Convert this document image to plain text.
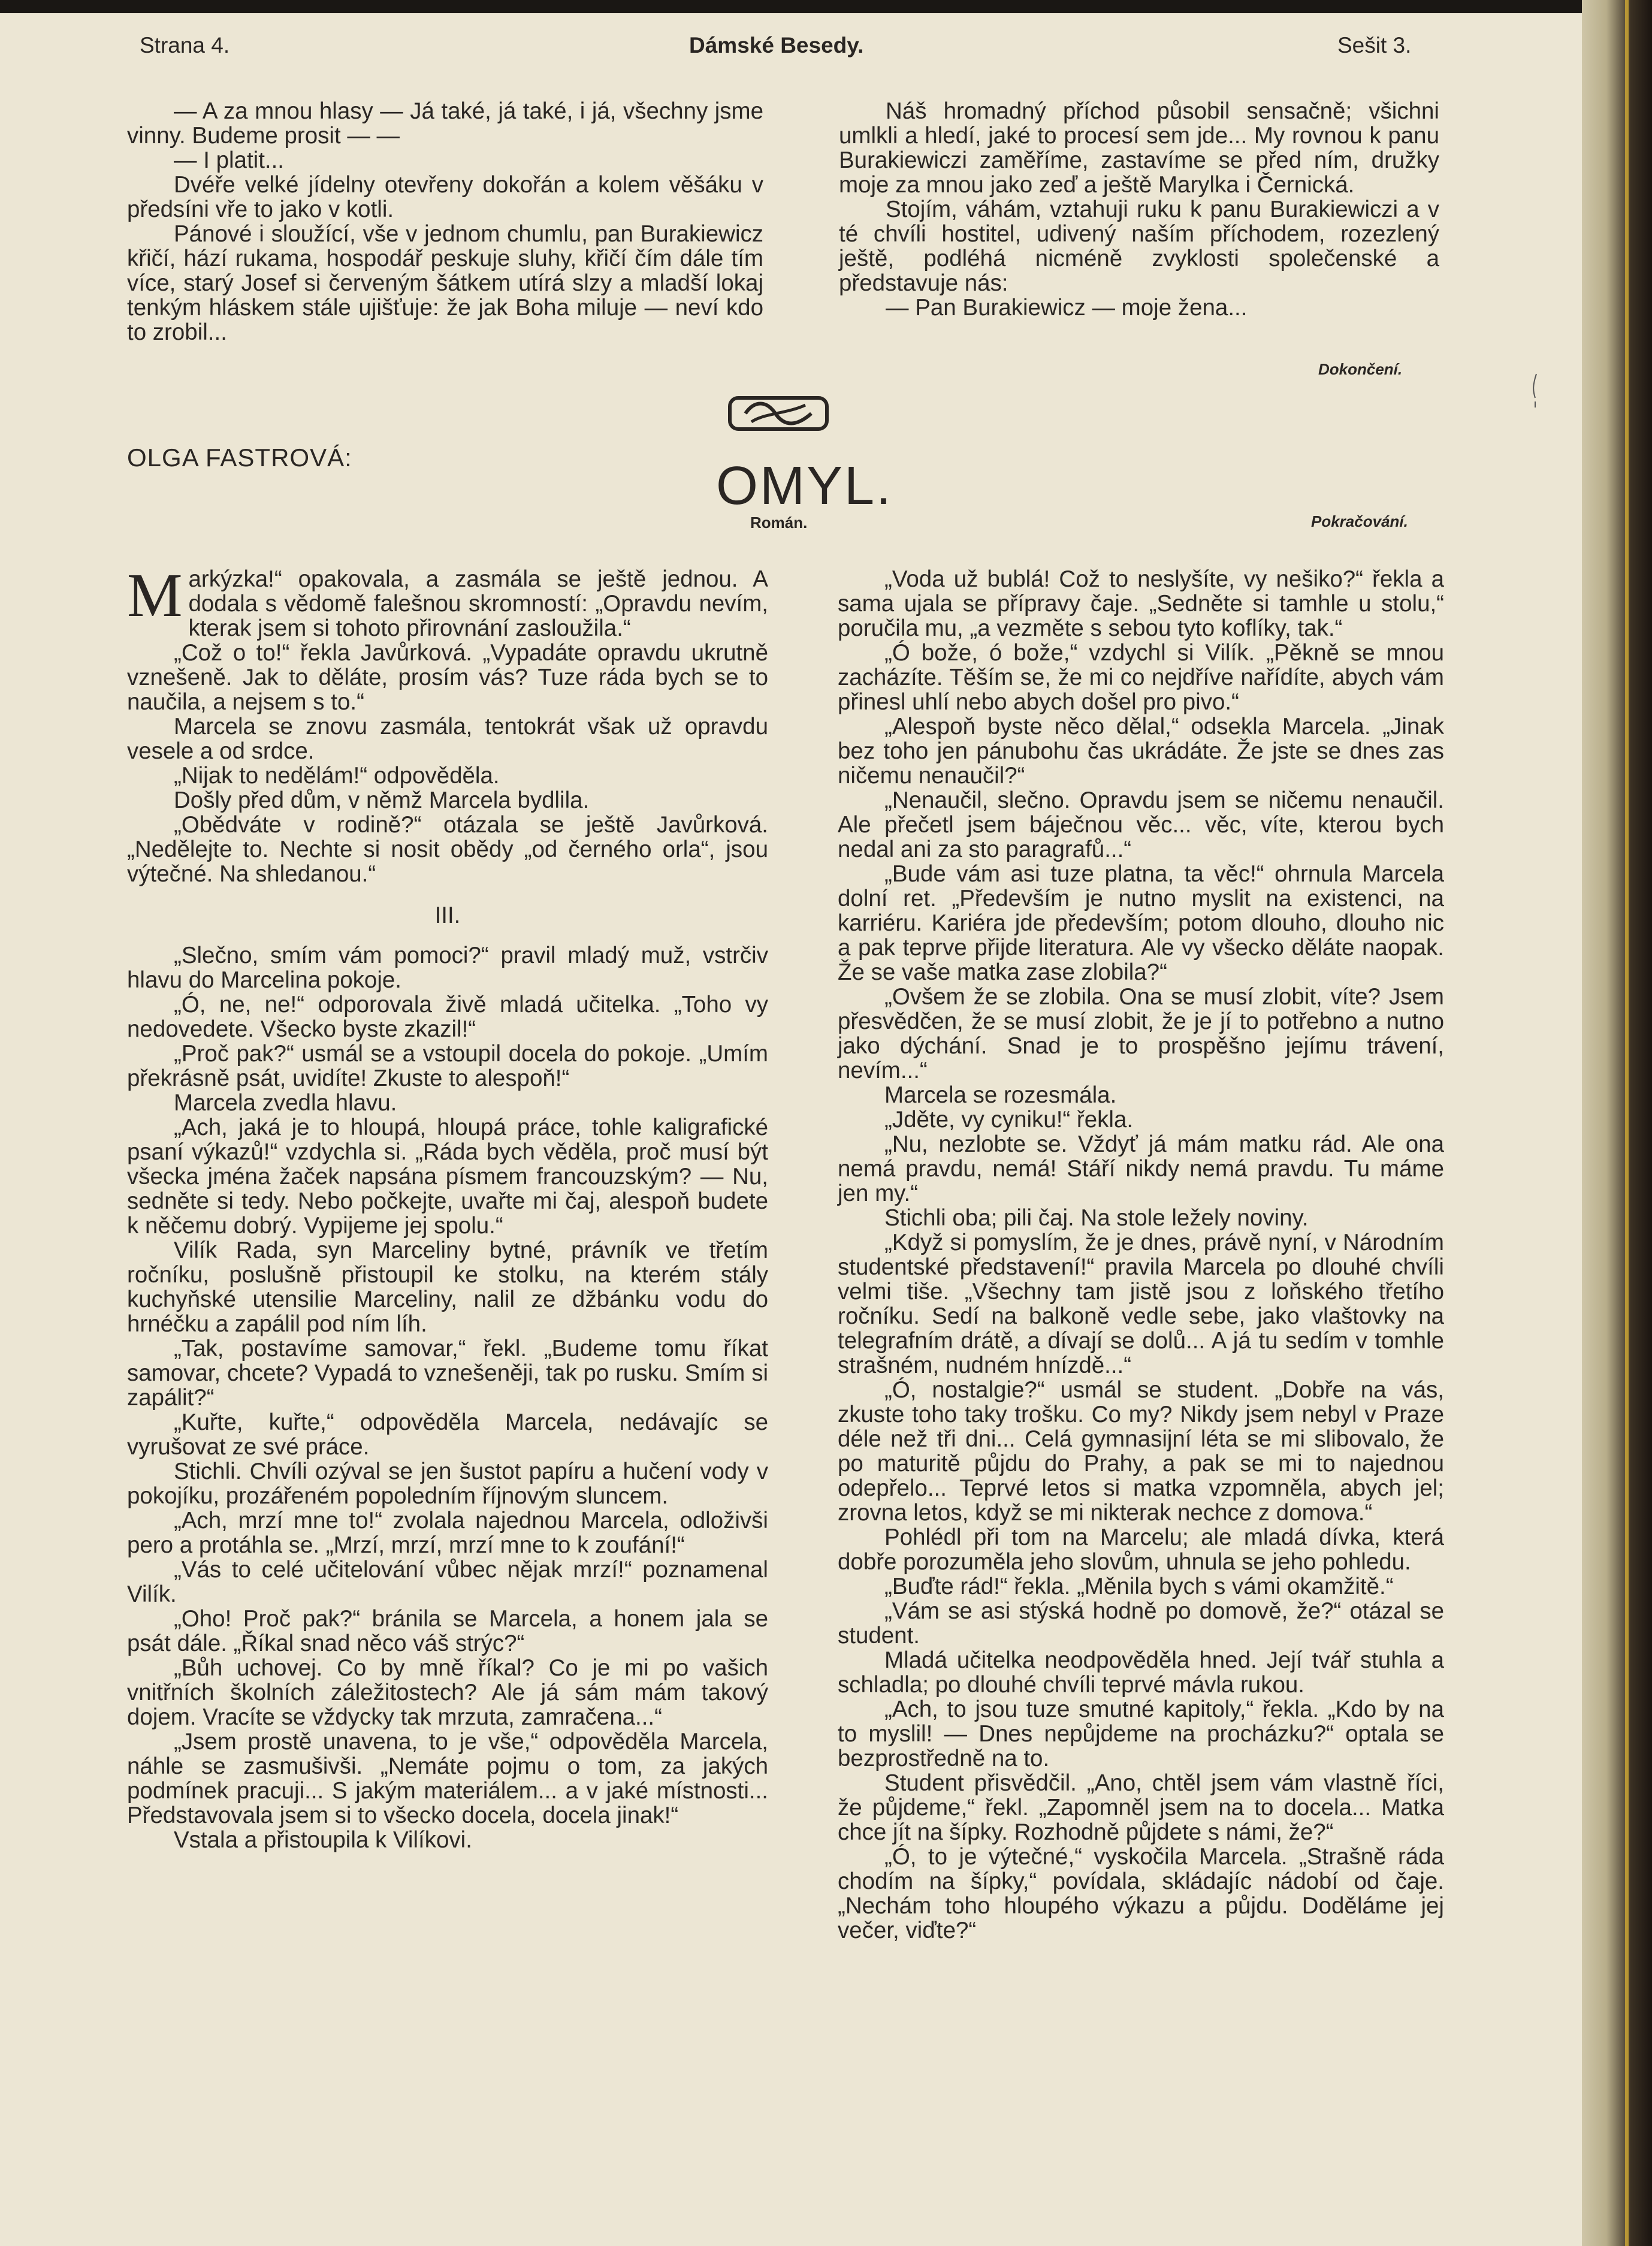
Strana 4.	Dámské Besedy.	Sešit 3.

— A za mnou hlasy — Já také, já také, i já, všechny jsme vinny. Budeme prosit — —

— I platit...

Dvéře velké jídelny otevřeny dokořán a kolem věšáku v předsíni vře to jako v kotli.

Pánové i sloužící, vše v jednom chumlu, pan Burakiewicz křičí, hází rukama, hospodář peskuje sluhy, křičí čím dále tím více, starý Josef si červeným šátkem utírá slzy a mladší lokaj tenkým hláskem stále ujišťuje: že jak Boha miluje — neví kdo to zrobil...

Náš hromadný příchod působil sensačně; všichni umlkli a hledí, jaké to procesí sem jde... My rovnou k panu Burakiewiczi zaměříme, zastavíme se před ním, družky moje za mnou jako zeď a ještě Marylka i Černická.

Stojím, váhám, vztahuji ruku k panu Burakiewiczi a v té chvíli hostitel, udivený naším příchodem, rozezlený ještě, podléhá nicméně zvyklosti společenské a představuje nás:

— Pan Burakiewicz — moje žena...

Dokončení.
OLGA FASTROVÁ:	OMYL.
Román.	Pokračování.

Markýzka!“ opakovala, a zasmála se ještě jednou. A dodala s vědomě falešnou skromností: „Opravdu nevím, kterak jsem si tohoto přirovnání zasloužila.“

„Což o to!“ řekla Javůrková. „Vypadáte opravdu ukrutně vznešeně. Jak to děláte, prosím vás? Tuze ráda bych se to naučila, a nejsem s to.“

Marcela se znovu zasmála, tentokrát však už opravdu vesele a od srdce.

„Nijak to nedělám!“ odpověděla.

Došly před dům, v němž Marcela bydlila.

„Obědváte v rodině?“ otázala se ještě Javůrková. „Nedělejte to. Nechte si nosit obědy „od černého orla“, jsou výtečné. Na shledanou.“

III.

„Slečno, smím vám pomoci?“ pravil mladý muž, vstrčiv hlavu do Marcelina pokoje.

„Ó, ne, ne!“ odporovala živě mladá učitelka. „Toho vy nedovedete. Všecko byste zkazil!“

„Proč pak?“ usmál se a vstoupil docela do pokoje. „Umím překrásně psát, uvidíte! Zkuste to alespoň!“

Marcela zvedla hlavu.

„Ach, jaká je to hloupá, hloupá práce, tohle kaligrafické psaní výkazů!“ vzdychla si. „Ráda bych věděla, proč musí být všecka jména žaček napsána písmem francouzským? — Nu, sedněte si tedy. Nebo počkejte, uvařte mi čaj, alespoň budete k něčemu dobrý. Vypijeme jej spolu.“

Vilík Rada, syn Marceliny bytné, právník ve třetím ročníku, poslušně přistoupil ke stolku, na kterém stály kuchyňské utensilie Marceliny, nalil ze džbánku vodu do hrnéčku a zapálil pod ním líh.

„Tak, postavíme samovar,“ řekl. „Budeme tomu říkat samovar, chcete? Vypadá to vznešeněji, tak po rusku. Smím si zapálit?“

„Kuřte, kuřte,“ odpověděla Marcela, nedávajíc se vyrušovat ze své práce.

Stichli. Chvíli ozýval se jen šustot papíru a hučení vody v pokojíku, prozářeném popoledním říjnovým sluncem.

„Ach, mrzí mne to!“ zvolala najednou Marcela, odloživši pero a protáhla se. „Mrzí, mrzí, mrzí mne to k zoufání!“

„Vás to celé učitelování vůbec nějak mrzí!“ poznamenal Vilík.

„Oho! Proč pak?“ bránila se Marcela, a honem jala se psát dále. „Říkal snad něco váš strýc?“

„Bůh uchovej. Co by mně říkal? Co je mi po vašich vnitřních školních záležitostech? Ale já sám mám takový dojem. Vracíte se vždycky tak mrzuta, zamračena...“

„Jsem prostě unavena, to je vše,“ odpověděla Marcela, náhle se zasmušivši. „Nemáte pojmu o tom, za jakých podmínek pracuji... S jakým materiálem... a v jaké místnosti... Představovala jsem si to všecko docela, docela jinak!“

Vstala a přistoupila k Vilíkovi.

„Voda už bublá! Což to neslyšíte, vy nešiko?“ řekla a sama ujala se přípravy čaje. „Sedněte si tamhle u stolu,“ poručila mu, „a vezměte s sebou tyto koflíky, tak.“

„Ó bože, ó bože,“ vzdychl si Vilík. „Pěkně se mnou zacházíte. Těším se, že mi co nejdříve nařídíte, abych vám přinesl uhlí nebo abych došel pro pivo.“

„Alespoň byste něco dělal,“ odsekla Marcela. „Jinak bez toho jen pánubohu čas ukrádáte. Že jste se dnes zas ničemu nenaučil?“

„Nenaučil, slečno. Opravdu jsem se ničemu nenaučil. Ale přečetl jsem báječnou věc... věc, víte, kterou bych nedal ani za sto paragrafů...“

„Bude vám asi tuze platna, ta věc!“ ohrnula Marcela dolní ret. „Především je nutno myslit na existenci, na karriéru. Kariéra jde především; potom dlouho, dlouho nic a pak teprve přijde literatura. Ale vy všecko děláte naopak. Že se vaše matka zase zlobila?“

„Ovšem že se zlobila. Ona se musí zlobit, víte? Jsem přesvědčen, že se musí zlobit, že je jí to potřebno a nutno jako dýchání. Snad je to prospěšno jejímu trávení, nevím...“

Marcela se rozesmála.

„Jděte, vy cyniku!“ řekla.

„Nu, nezlobte se. Vždyť já mám matku rád. Ale ona nemá pravdu, nemá! Stáří nikdy nemá pravdu. Tu máme jen my.“

Stichli oba; pili čaj. Na stole ležely noviny.

„Když si pomyslím, že je dnes, právě nyní, v Národním studentské představení!“ pravila Marcela po dlouhé chvíli velmi tiše. „Všechny tam jistě jsou z loňského třetího ročníku. Sedí na balkoně vedle sebe, jako vlaštovky na telegrafním drátě, a dívají se dolů... A já tu sedím v tomhle strašném, nudném hnízdě...“

„Ó, nostalgie?“ usmál se student. „Dobře na vás, zkuste toho taky trošku. Co my? Nikdy jsem nebyl v Praze déle než tři dni... Celá gymnasijní léta se mi slibovalo, že po maturitě půjdu do Prahy, a pak se mi to najednou odepřelo... Teprvé letos si matka vzpomněla, abych jel; zrovna letos, když se mi nikterak nechce z domova.“

Pohlédl při tom na Marcelu; ale mladá dívka, která dobře porozuměla jeho slovům, uhnula se jeho pohledu.

„Buďte rád!“ řekla. „Měnila bych s vámi okamžitě.“

„Vám se asi stýská hodně po domově, že?“ otázal se student.

Mladá učitelka neodpověděla hned. Její tvář stuhla a schladla; po dlouhé chvíli teprvé mávla rukou.

„Ach, to jsou tuze smutné kapitoly,“ řekla. „Kdo by na to myslil! — Dnes nepůjdeme na procházku?“ optala se bezprostředně na to.

Student přisvědčil. „Ano, chtěl jsem vám vlastně říci, že půjdeme,“ řekl. „Zapomněl jsem na to docela... Matka chce jít na šípky. Rozhodně půjdete s námi, že?“

„Ó, to je výtečné,“ vyskočila Marcela. „Strašně ráda chodím na šípky,“ povídala, skládajíc nádobí od čaje. „Nechám toho hloupého výkazu a půjdu. Doděláme jej večer, viďte?“
